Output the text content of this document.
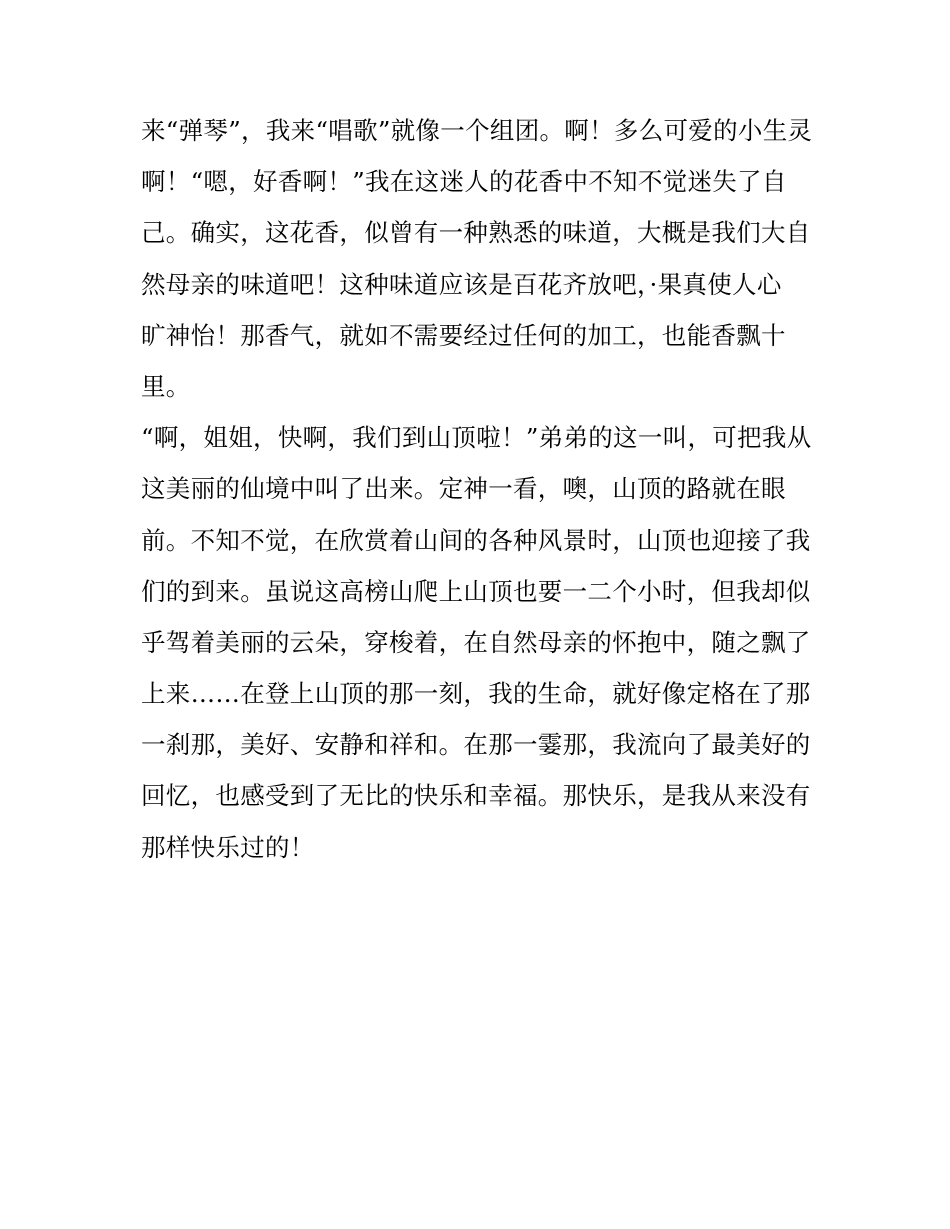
来“弹琴”，我来“唱歌”就像一个组团。啊！多么可爱的小生灵
啊！“嗯，好香啊！”我在这迷人的花香中不知不觉迷失了自
己。确实，这花香，似曾有一种熟悉的味道，大概是我们大自
然母亲的味道吧！这种味道应该是百花齐放吧，·果真使人心
旷神怡！那香气，就如不需要经过任何的加工，也能香飘十
里。
“啊，姐姐，快啊，我们到山顶啦！”弟弟的这一叫，可把我从
这美丽的仙境中叫了出来。定神一看，噢，山顶的路就在眼
前。不知不觉，在欣赏着山间的各种风景时，山顶也迎接了我
们的到来。虽说这高榜山爬上山顶也要一二个小时，但我却似
乎驾着美丽的云朵，穿梭着，在自然母亲的怀抱中，随之飘了
上来……在登上山顶的那一刻，我的生命，就好像定格在了那
一刹那，美好、安静和祥和。在那一霎那，我流向了最美好的
回忆，也感受到了无比的快乐和幸福。那快乐，是我从来没有
那样快乐过的！
